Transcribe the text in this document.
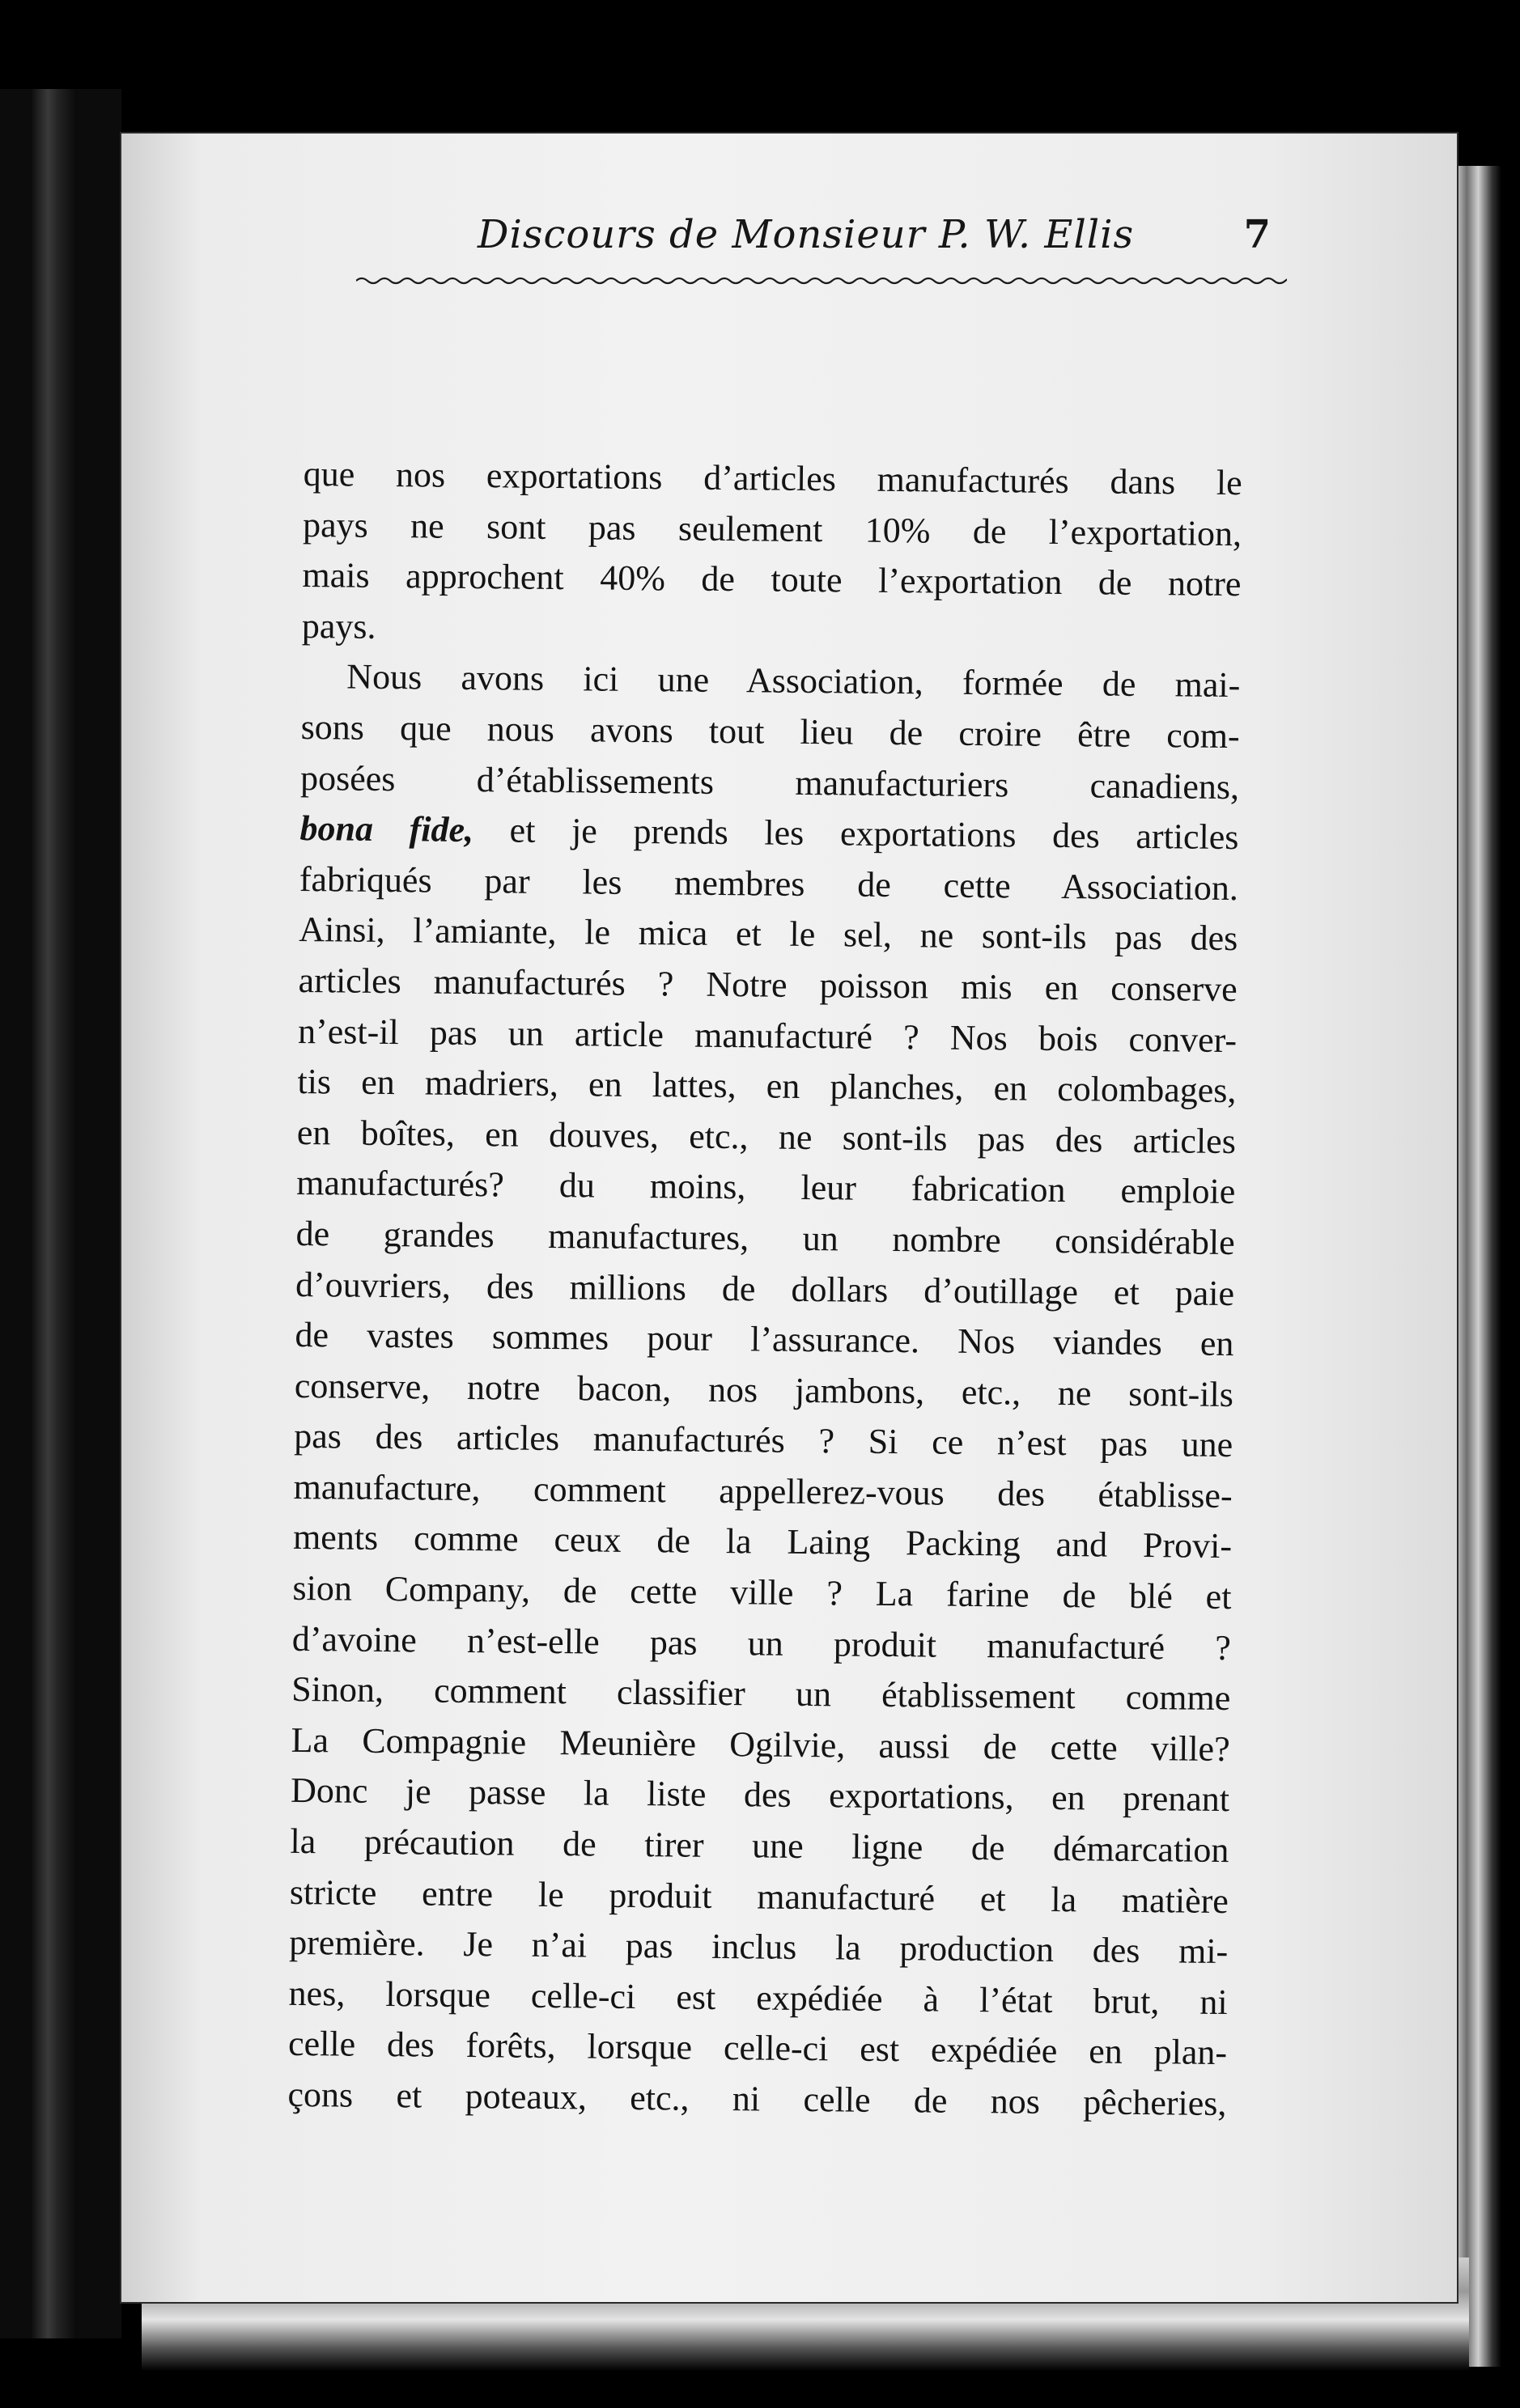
Discours de Monsieur P. W. Ellis	7
que nos exportations d’articles manufacturés dans le
pays ne sont pas seulement 10% de l’exportation,
mais approchent 40% de toute l’exportation de notre
pays.
Nous avons ici une Association, formée de mai-
sons que nous avons tout lieu de croire être com-
posées d’établissements manufacturiers canadiens,
bona fide, et je prends les exportations des articles
fabriqués par les membres de cette Association.
Ainsi, l’amiante, le mica et le sel, ne sont-ils pas des
articles manufacturés ? Notre poisson mis en conserve
n’est-il pas un article manufacturé ? Nos bois conver-
tis en madriers, en lattes, en planches, en colombages,
en boîtes, en douves, etc., ne sont-ils pas des articles
manufacturés? du moins, leur fabrication emploie
de grandes manufactures, un nombre considérable
d’ouvriers, des millions de dollars d’outillage et paie
de vastes sommes pour l’assurance. Nos viandes en
conserve, notre bacon, nos jambons, etc., ne sont-ils
pas des articles manufacturés ? Si ce n’est pas une
manufacture, comment appellerez-vous des établisse-
ments comme ceux de la Laing Packing and Provi-
sion Company, de cette ville ? La farine de blé et
d’avoine n’est-elle pas un produit manufacturé ?
Sinon, comment classifier un établissement comme
La Compagnie Meunière Ogilvie, aussi de cette ville?
Donc je passe la liste des exportations, en prenant
la précaution de tirer une ligne de démarcation
stricte entre le produit manufacturé et la matière
première. Je n’ai pas inclus la production des mi-
nes, lorsque celle-ci est expédiée à l’état brut, ni
celle des forêts, lorsque celle-ci est expédiée en plan-
çons et poteaux, etc., ni celle de nos pêcheries,
